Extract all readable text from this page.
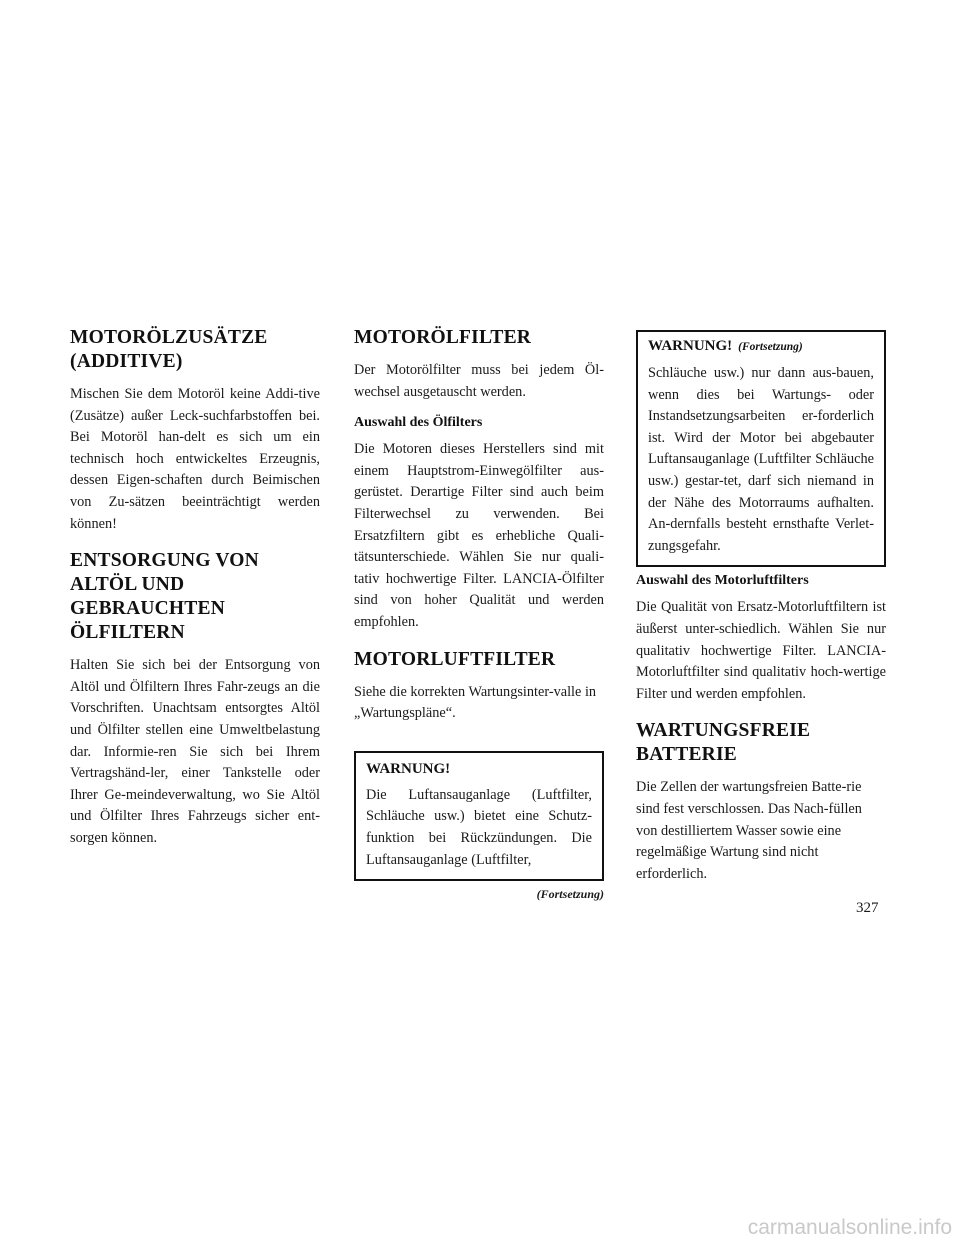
MOTORÖLZUSÄTZE (ADDITIVE)

Mischen Sie dem Motoröl keine Addi-tive (Zusätze) außer Leck-suchfarbstoffen bei. Bei Motoröl han-delt es sich um ein technisch hoch entwickeltes Erzeugnis, dessen Eigen-schaften durch Beimischen von Zu-sätzen beeinträchtigt werden können!

ENTSORGUNG VON ALTÖL UND GEBRAUCHTEN ÖLFILTERN

Halten Sie sich bei der Entsorgung von Altöl und Ölfiltern Ihres Fahr-zeugs an die Vorschriften. Unachtsam entsorgtes Altöl und Ölfilter stellen eine Umweltbelastung dar. Informie-ren Sie sich bei Ihrem Vertragshänd-ler, einer Tankstelle oder Ihrer Ge-meindeverwaltung, wo Sie Altöl und Ölfilter Ihres Fahrzeugs sicher ent-sorgen können.

MOTORÖLFILTER

Der Motorölfilter muss bei jedem Öl-wechsel ausgetauscht werden.

Auswahl des Ölfilters

Die Motoren dieses Herstellers sind mit einem Hauptstrom-Einwegölfilter aus-gerüstet. Derartige Filter sind auch beim Filterwechsel zu verwenden. Bei Ersatzfiltern gibt es erhebliche Quali-tätsunterschiede. Wählen Sie nur quali-tativ hochwertige Filter. LANCIA-Ölfilter sind von hoher Qualität und werden empfohlen.

MOTORLUFTFILTER

Siehe die korrekten Wartungsinter-valle in „Wartungspläne“.

WARNUNG!

Die Luftansauganlage (Luftfilter, Schläuche usw.) bietet eine Schutz-funktion bei Rückzündungen. Die Luftansauganlage (Luftfilter,

(Fortsetzung)
WARNUNG! (Fortsetzung)

Schläuche usw.) nur dann aus-bauen, wenn dies bei Wartungs- oder Instandsetzungsarbeiten er-forderlich ist. Wird der Motor bei abgebauter Luftansauganlage (Luftfilter Schläuche usw.) gestar-tet, darf sich niemand in der Nähe des Motorraums aufhalten. An-dernfalls besteht ernsthafte Verlet-zungsgefahr.

Auswahl des Motorluftfilters

Die Qualität von Ersatz-Motorluftfiltern ist äußerst unter-schiedlich. Wählen Sie nur qualitativ hochwertige Filter. LANCIA-Motorluftfilter sind qualitativ hoch-wertige Filter und werden empfohlen.

WARTUNGSFREIE BATTERIE

Die Zellen der wartungsfreien Batte-rie sind fest verschlossen. Das Nach-füllen von destilliertem Wasser sowie eine regelmäßige Wartung sind nicht erforderlich.

327
carmanualsonline.info
